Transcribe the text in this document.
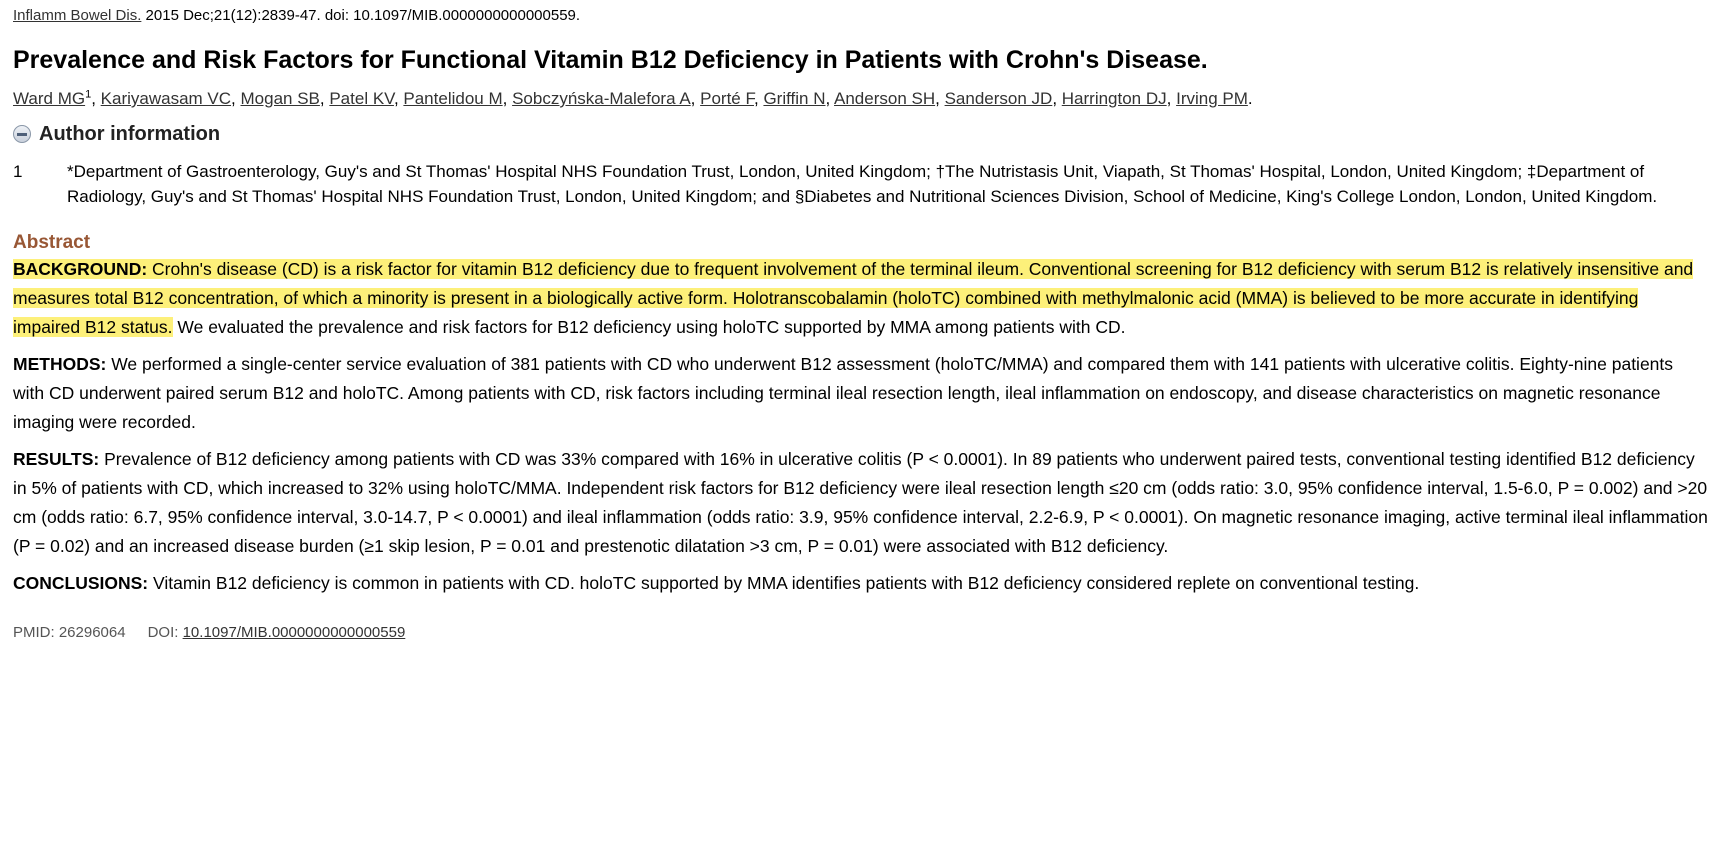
Inflamm Bowel Dis. 2015 Dec;21(12):2839-47. doi: 10.1097/MIB.0000000000000559.
Prevalence and Risk Factors for Functional Vitamin B12 Deficiency in Patients with Crohn's Disease.
Ward $MG^1$, Kariyawasam VC, Mogan SB, Patel KV, Pantelidou M, Sobczyńska-Malefora A, Porté F, Griffin N, Anderson SH, Sanderson JD, Harrington DJ, Irving PM.
Author information
1	*Department of Gastroenterology, Guy's and St Thomas' Hospital NHS Foundation Trust, London, United Kingdom; †The Nutristasis Unit, Viapath, St Thomas' Hospital, London, United Kingdom; ‡Department of Radiology, Guy's and St Thomas' Hospital NHS Foundation Trust, London, United Kingdom; and §Diabetes and Nutritional Sciences Division, School of Medicine, King's College London, London, United Kingdom.
Abstract

BACKGROUND: Crohn's disease (CD) is a risk factor for vitamin B12 deficiency due to frequent involvement of the terminal ileum. Conventional screening for B12 deficiency with serum B12 is relatively insensitive and measures total B12 concentration, of which a minority is present in a biologically active form. Holotranscobalamin (holoTC) combined with methylmalonic acid (MMA) is believed to be more accurate in identifying impaired B12 status. We evaluated the prevalence and risk factors for B12 deficiency using holoTC supported by MMA among patients with CD.

METHODS: We performed a single-center service evaluation of 381 patients with CD who underwent B12 assessment (holoTC/MMA) and compared them with 141 patients with ulcerative colitis. Eighty-nine patients with CD underwent paired serum B12 and holoTC. Among patients with CD, risk factors including terminal ileal resection length, ileal inflammation on endoscopy, and disease characteristics on magnetic resonance imaging were recorded.

RESULTS: Prevalence of B12 deficiency among patients with CD was 33% compared with 16% in ulcerative colitis (P < 0.0001). In 89 patients who underwent paired tests, conventional testing identified B12 deficiency in 5% of patients with CD, which increased to 32% using holoTC/MMA. Independent risk factors for B12 deficiency were ileal resection length ≤20 cm (odds ratio: 3.0, 95% confidence interval, 1.5-6.0, P = 0.002) and >20 cm (odds ratio: 6.7, 95% confidence interval, 3.0-14.7, P < 0.0001) and ileal inflammation (odds ratio: 3.9, 95% confidence interval, 2.2-6.9, P < 0.0001). On magnetic resonance imaging, active terminal ileal inflammation (P = 0.02) and an increased disease burden (≥1 skip lesion, P = 0.01 and prestenotic dilatation >3 cm, P = 0.01) were associated with B12 deficiency.

CONCLUSIONS: Vitamin B12 deficiency is common in patients with CD. holoTC supported by MMA identifies patients with B12 deficiency considered replete on conventional testing.

PMID: 26296064 DOI: 10.1097/MIB.0000000000000559
